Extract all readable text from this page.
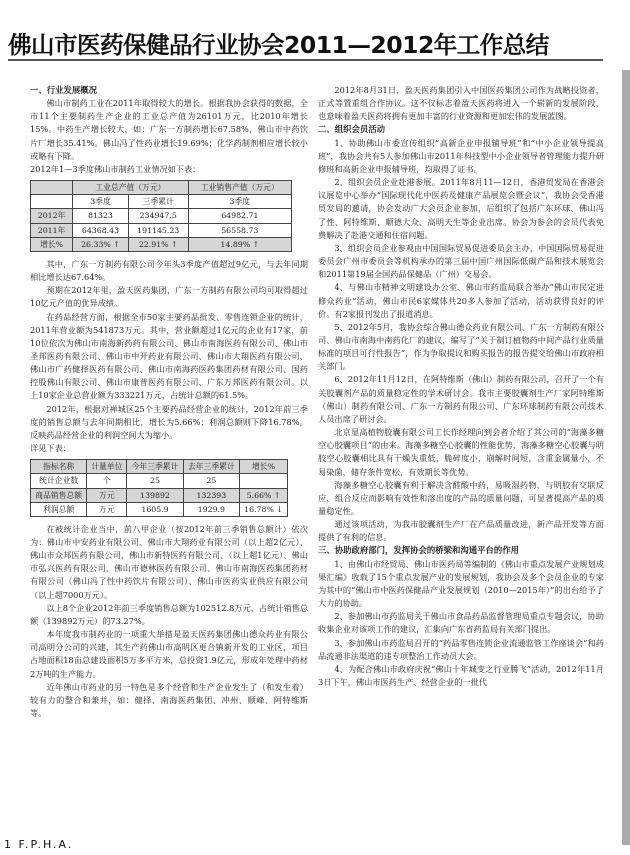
佛山市医药保健品行业协会2011—2012年工作总结

一、行业发展概况

佛山市制药工业在2011年取得较大的增长。根据我协会获得的数据，全市11个主要制药生产企业的工业总产值为26101万元，比2010年增长15%。中药生产增长较大，如：广东一方制药增长67.58%，佛山市中药饮片厂增长35.41%。佛山冯了性药业增长19.69%；化学药制剂相应增长较小或略有下降。

2012年1—3季度佛山市制药工业情况如下表：

	工业总产值（万元）		工业销售产值（万元）
	3季度	三季累计	3季度
2012年	81323	234947.5	64982.71
2011年	64368.43	191145.23	56558.73
增长%	26.33% ↑	22.91% ↑	14.89% ↑

其中，广东一方制药有限公司今年头3季度产值超过9亿元，与去年同期相比增长达67.64%。

预期在2012年里，盈天医药集团，广东一方制药有限公司均可取得超过10亿元产值的优异成绩。

在药品经营方面，根据全市50家主要药品批发、零售连锁企业的统计，2011年营业额为541873万元。其中，营业额超过1亿元的企业有17家，前10位依次为佛山市南海新药药有限公司、佛山市南海医药有限公司、佛山市圣邦医药有限公司、佛山市中开药业有限公司、佛山市大翔医药有限公司、佛山市广药健择医药有限公司、佛山市南海药医药集团药材有限公司、国药控股佛山有限公司、佛山市康普医药有限公司、广东万邦医药有限公司。以上10家企业总营业额为333221万元，占统计总额的61.5%。

2012年，根据对禅城区25个主要药品经营企业的统计，2012年前三季度的销售总额与去年同期相比，增长为5.66%；利润总额则下降16.78%。反映药品经营企业的利润空间大为缩小。

详见下表：

指标名称	计量单位	今年三季累计	去年三季累计	增长%
统计企业数	个	25	25	
商品销售总额	万元	139892	132393	5.66% ↑
利润总额	万元	1605.9	1929.9	16.78% ↓

在被统计企业当中，前八甲企业（按2012年前三季销售总额计）依次为：佛山市中安药业有限公司、佛山市大翔药业有限公司（以上超2亿元）、佛山市众邦医药有限公司、佛山市新特医药有限公司、（以上超1亿元）、佛山市弘兴医药有限公司、佛山市德林医药有限公司、佛山市南海医药集团药材有限公司（佛山冯了性中药饮片有限公司）、佛山市医药实业供应有限公司（以上超7000万元）。

以上8个企业2012年前三季度销售总额为102512.8万元，占统计销售总额（139892万元）的73.27%。

本年度我市制药业的一项重大举措是盈天医药集团佛山德众药业有限公司高明分公司的兴建，其生产药佛山市高明区更合镇新开发的工业区，项目占地面积18亩总建设面积5万多平方米，总投资1.9亿元，形成年处理中药材2万吨的生产能力。

近年佛山市药业的另一特色是多个经营和生产企业发生了（和发生着）较有力的整合和兼并，如：健择、南海医药集团、冲州、顺峰、阿特维斯等。

2012年8月31日，盈天医药集团引入中国医药集团公司作为战略投资者，正式等置重组合作协议。这不仅标志着盈天医药将进入一个崭新的发展阶段，也意味着盈天医药将拥有更加丰富的行业资源和更加宏伟的发展蓝图。

二、组织会员活动

1、协助佛山市委宣传组织“高新企业申报辅导班”和“中小企业领导提高班”，我协会共有5人参加佛山市2011年科技型中小企业领导者管理能力提升研修班和高新企业申报辅导班，均取得了证书。

2、组织会员企业赴港参展。2011年8月11—12日，香港贸发局在香港会议展览中心举办“国际现代化中医药及健康产品展览会暨会议”，我协会受香港贸发局的邀请，协会发动广大会员企业参加，后组织了包括广东环球、佛山冯了性、阿特维斯、顺德大众、高明天生等企业出席。协会为参会的会员代表免费解决了赴港交通和住宿问题。

3、组织会员企业参观由中国国际贸易促进委员会主办，中国国际贸易促进委员会广州市委员会等机构承办的第三届中国广州国际低碳产品和技术展览会和2011第19届全国药品保健品（广州）交易会。

4、与佛山市精神文明建设办公室、佛山市药监局联合举办“佛山市民定进修众药业”活动，佛山市民6家媒体共20多人参加了活动，活动获得良好的评价。有2家报刊发出了报道消息。

5、2012年5月，我协会综合佛山德众药业有限公司、广东一方制药有限公司、佛山市南海中南药化厂的建议，编写了“关于制订植物药中间产品行业质量标准的项目可行性报告”，作为争取提议和购买报告的报告提交给佛山市政府相关部门。

6、2012年11月12日，在阿特维斯（佛山）制药有限公司，召开了一个有关胶囊剂产品的质量稳定性的学术研讨会。我市主要胶囊剂生产厂家阿特维斯（佛山）制药有限公司、广东一方制药有限公司、广东环球制药有限公司技术人员出席了研讨会。

北京显高植物胶囊有限公司工长作经理向到会者介绍了其公司的“海藻多糖空心胶囊项目”的由来。海藻多糖空心胶囊的性能优势，海藻多糖空心胶囊与明胶空心胶囊相比具有干燥失重低，脆碎度小，崩解时间短，含重金属量小，不易染菌，储存条件宽松，有效期长等优势。

海藻多糖空心胶囊有利于解决含醛酸中药，易吸湿药物，与明胶有交联反应，组合反应而影响有效性和溶出度的产品的质量问题，可显著提高产品的质量稳定性。

通过该项活动，为我市胶囊剂生产厂在产品质量改进，新产品开发等方面提供了有利的信息。

三、协助政府部门，发挥协会的桥梁和沟通平台的作用

1、由佛山市经贸局、佛山市医药局等编制的《佛山市重点发展产业规划成果汇编》收载了15个重点发展产业的发展规划，我协会及多个会员企业的专家为其中的“佛山市中医药保健品产业发展规划（2010—2015年）”的出台给予了大力的协助。

2、参加佛山市药监局关于佛山市食品药品监督管理局重点专题会议，协助收集企业对该项工作的建议，汇集向广东省药监局有关部门提出。

3、参加佛山市药监局召开的“药品零售连锁企业流通监管工作座谈会”和药品流通非法渠道的违专项整治工作动员大会。

4、为配合佛山市政府庆祝“佛山十年城变之行业腾飞”活动，2012年11月3日下午，佛山市医药生产、经营企业的一批代

1 F.P.H.A.
